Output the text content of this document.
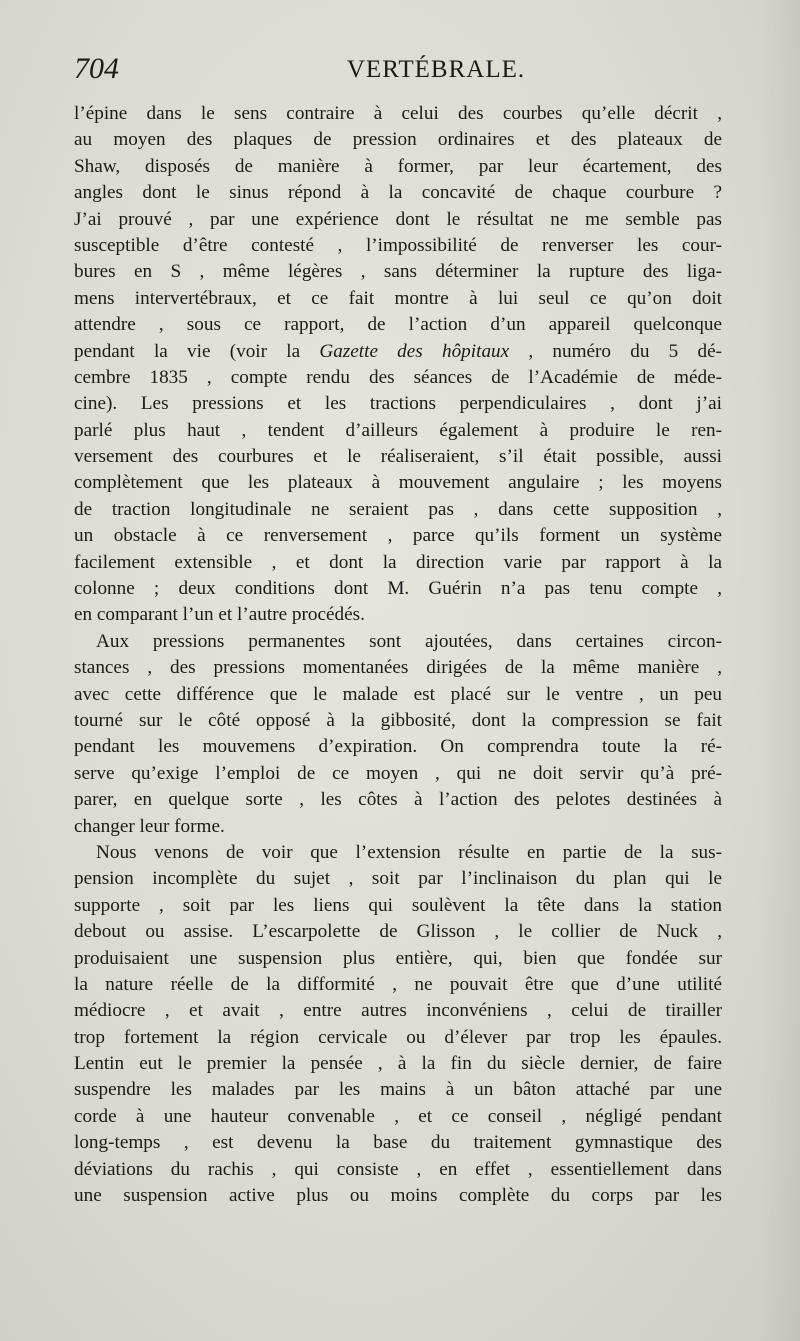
704	VERTÉBRALE.
l’épine dans le sens contraire à celui des courbes qu’elle décrit ,
au moyen des plaques de pression ordinaires et des plateaux de
Shaw, disposés de manière à former, par leur écartement, des
angles dont le sinus répond à la concavité de chaque courbure ?
J’ai prouvé , par une expérience dont le résultat ne me semble pas
susceptible d’être contesté , l’impossibilité de renverser les cour-
bures en S , même légères , sans déterminer la rupture des liga-
mens intervertébraux, et ce fait montre à lui seul ce qu’on doit
attendre , sous ce rapport, de l’action d’un appareil quelconque
pendant la vie (voir la Gazette des hôpitaux , numéro du 5 dé-
cembre 1835 , compte rendu des séances de l’Académie de méde-
cine). Les pressions et les tractions perpendiculaires , dont j’ai
parlé plus haut , tendent d’ailleurs également à produire le ren-
versement des courbures et le réaliseraient, s’il était possible, aussi
complètement que les plateaux à mouvement angulaire ; les moyens
de traction longitudinale ne seraient pas , dans cette supposition ,
un obstacle à ce renversement , parce qu’ils forment un système
facilement extensible , et dont la direction varie par rapport à la
colonne ; deux conditions dont M. Guérin n’a pas tenu compte ,
en comparant l’un et l’autre procédés.
Aux pressions permanentes sont ajoutées, dans certaines circon-
stances , des pressions momentanées dirigées de la même manière ,
avec cette différence que le malade est placé sur le ventre , un peu
tourné sur le côté opposé à la gibbosité, dont la compression se fait
pendant les mouvemens d’expiration. On comprendra toute la ré-
serve qu’exige l’emploi de ce moyen , qui ne doit servir qu’à pré-
parer, en quelque sorte , les côtes à l’action des pelotes destinées à
changer leur forme.
Nous venons de voir que l’extension résulte en partie de la sus-
pension incomplète du sujet , soit par l’inclinaison du plan qui le
supporte , soit par les liens qui soulèvent la tête dans la station
debout ou assise. L’escarpolette de Glisson , le collier de Nuck ,
produisaient une suspension plus entière, qui, bien que fondée sur
la nature réelle de la difformité , ne pouvait être que d’une utilité
médiocre , et avait , entre autres inconvéniens , celui de tirailler
trop fortement la région cervicale ou d’élever par trop les épaules.
Lentin eut le premier la pensée , à la fin du siècle dernier, de faire
suspendre les malades par les mains à un bâton attaché par une
corde à une hauteur convenable , et ce conseil , négligé pendant
long-temps , est devenu la base du traitement gymnastique des
déviations du rachis , qui consiste , en effet , essentiellement dans
une suspension active plus ou moins complète du corps par les
